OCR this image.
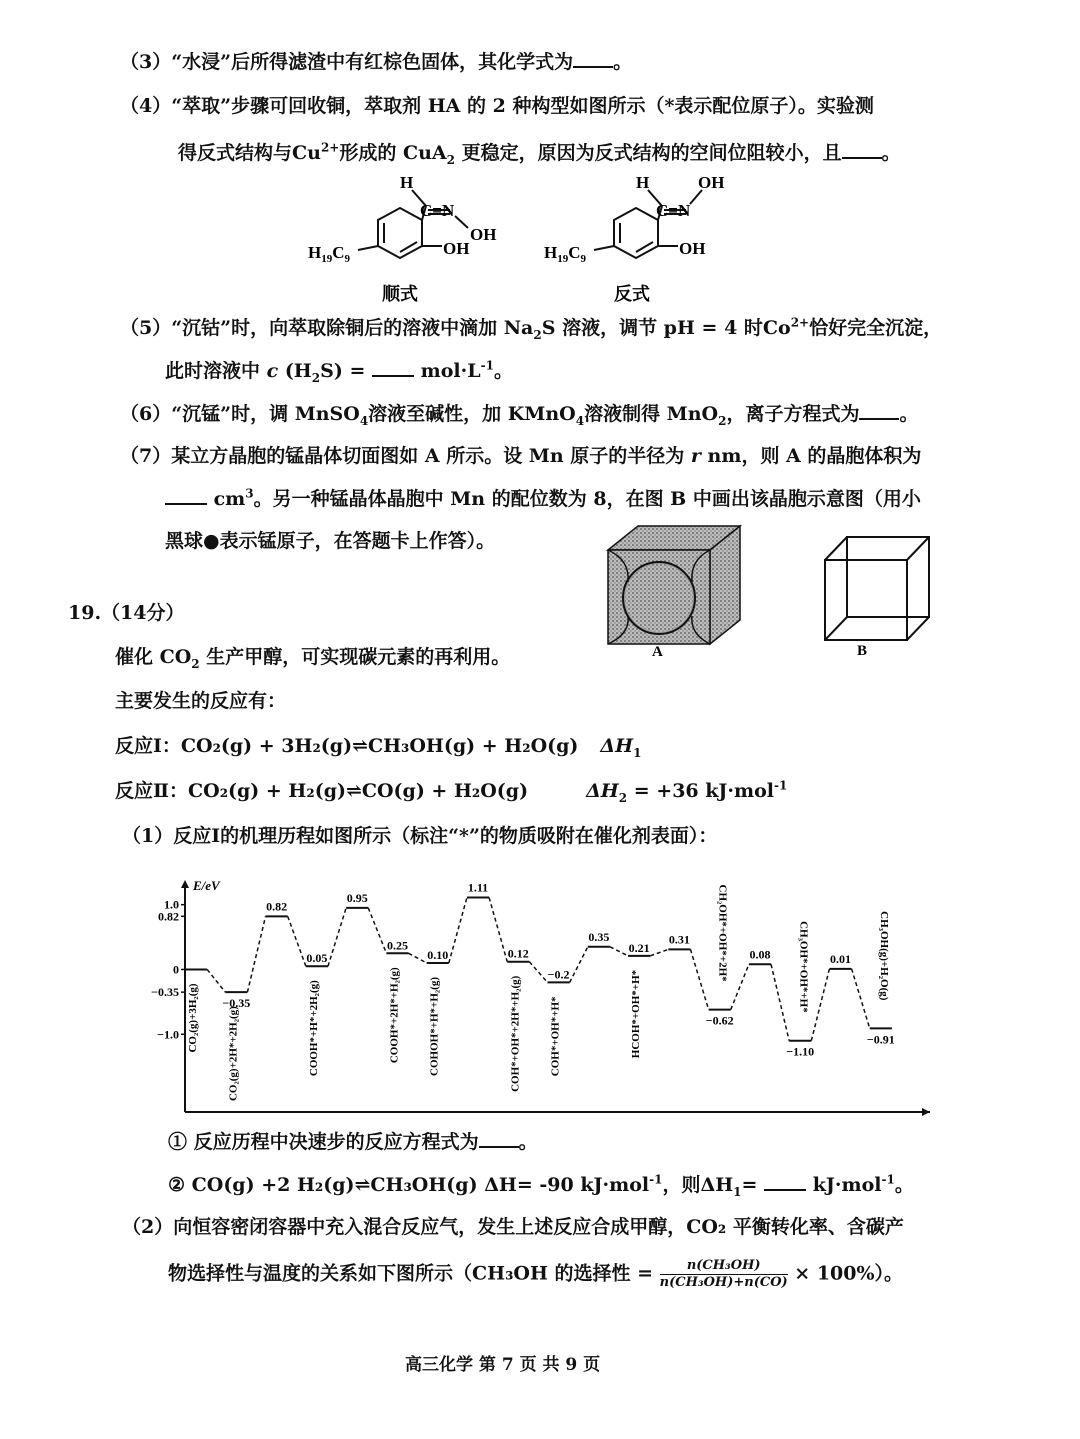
（3）“水浸”后所得滤渣中有红棕色固体，其化学式为 。
（4）“萃取”步骤可回收铜，萃取剂 HA 的 2 种构型如图所示（*表示配位原子）。实验测
得反式结构与$Cu^{2+}$形成的 CuA$_2$ 更稳定，原因为反式结构的空间位阻较小，且 。
H
C=N
OH
OH
$H_{19}C_9$
顺式
H
C=N
OH
OH
$H_{19}C_9$
反式
（5）“沉钴”时，向萃取除铜后的溶液中滴加 $Na_2S$ 溶液，调节 pH = 4 时$Co^{2+}$恰好完全沉淀，
此时溶液中 c $(H_2S) = mol\cdot L^{-1}$。
（6）“沉锰”时，调 MnSO$_4$溶液至碱性，加 KMnO$_4$溶液制得 MnO$_2$，离子方程式为 。
（7）某立方晶胞的锰晶体切面图如 A 所示。设 Mn 原子的半径为 r nm，则 A 的晶胞体积为
$cm^3$。另一种锰晶体晶胞中 Mn 的配位数为 8，在图 B 中画出该晶胞示意图（用小
黑球●表示锰原子，在答题卡上作答）。
A	B
19.（14分）
催化 $CO_2$ 生产甲醇，可实现碳元素的再利用。
主要发生的反应有：
反应Ⅰ：CO₂(g) + 3H₂(g)⇌CH₃OH(g) + H₂O(g) $\Delta H_1$
反应Ⅱ：CO₂(g) + H₂(g)⇌CO(g) + H₂O(g)	$\Delta H_2 = +36$ kJ·mol$^{-1}$
（1）反应Ⅰ的机理历程如图所示（标注“*”的物质吸附在催化剂表面）：
E/eV
1.0
0.82
0
−0.35
−1.0 CO₂(g)+3H₂(g) −0.35
CO₂(g)+2H*+2H₂(g)
0.82
0.05
COOH*+H*+2H₂(g)
0.95
0.25
COOH*+2H*+H₂(g)
0.10
COHOH*+H*+H₂(g)
1.11
0.12
COH*+OH*+2H*+H₂(g)
−0.2
COH*+OH*+H*
0.35
0.21
HCOH*+OH*+H*
0.31
−0.62
CH₂OH*+OH*+2H* 0.08
−1.10
CH₃OH*+OH*+H* 0.01
−0.91
CH₃OH(g)+H₂O(g)
① 反应历程中决速步的反应方程式为 。
② CO(g) +2 H₂(g)⇌CH₃OH(g) ΔH= -90 kJ·mol$^{-1}$，则$\Delta H_1= kJ\cdot mol^{-1}$。
（2）向恒容密闭容器中充入混合反应气，发生上述反应合成甲醇，CO₂ 平衡转化率、含碳产
物选择性与温度的关系如下图所示（CH₃OH 的选择性 = $\frac{\text{n(CH₃OH)}}{\text{n(CH₃OH)+n(CO)}} \times 100\%$）。
高三化学 第 7 页 共 9 页
